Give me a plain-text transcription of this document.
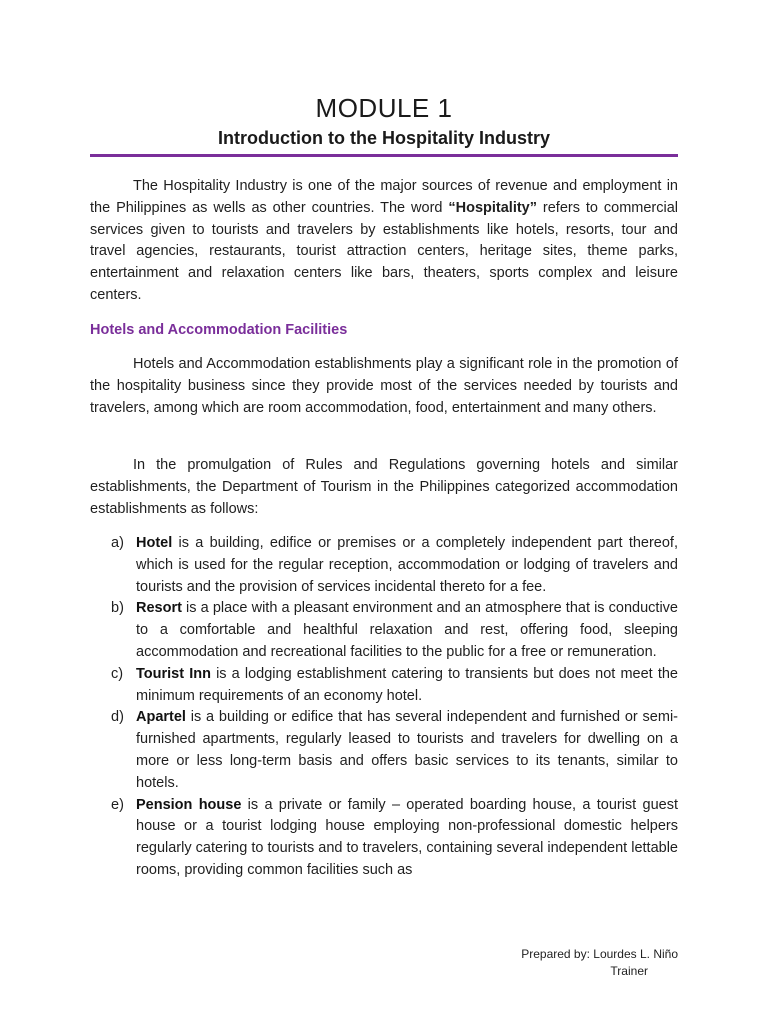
MODULE 1
Introduction to the Hospitality Industry

The Hospitality Industry is one of the major sources of revenue and employment in the Philippines as wells as other countries. The word “Hospitality” refers to commercial services given to tourists and travelers by establishments like hotels, resorts, tour and travel agencies, restaurants, tourist attraction centers, heritage sites, theme parks, entertainment and relaxation centers like bars, theaters, sports complex and leisure centers.

Hotels and Accommodation Facilities

Hotels and Accommodation establishments play a significant role in the promotion of the hospitality business since they provide most of the services needed by tourists and travelers, among which are room accommodation, food, entertainment and many others.

In the promulgation of Rules and Regulations governing hotels and similar establishments, the Department of Tourism in the Philippines categorized accommodation establishments as follows:

a) Hotel is a building, edifice or premises or a completely independent part thereof, which is used for the regular reception, accommodation or lodging of travelers and tourists and the provision of services incidental thereto for a fee.
b) Resort is a place with a pleasant environment and an atmosphere that is conductive to a comfortable and healthful relaxation and rest, offering food, sleeping accommodation and recreational facilities to the public for a free or remuneration.
c) Tourist Inn is a lodging establishment catering to transients but does not meet the minimum requirements of an economy hotel.
d) Apartel is a building or edifice that has several independent and furnished or semi-furnished apartments, regularly leased to tourists and travelers for dwelling on a more or less long-term basis and offers basic services to its tenants, similar to hotels.
e) Pension house is a private or family – operated boarding house, a tourist guest house or a tourist lodging house employing non-professional domestic helpers regularly catering to tourists and to travelers, containing several independent lettable rooms, providing common facilities such as
Prepared by: Lourdes L. Niño
Trainer
